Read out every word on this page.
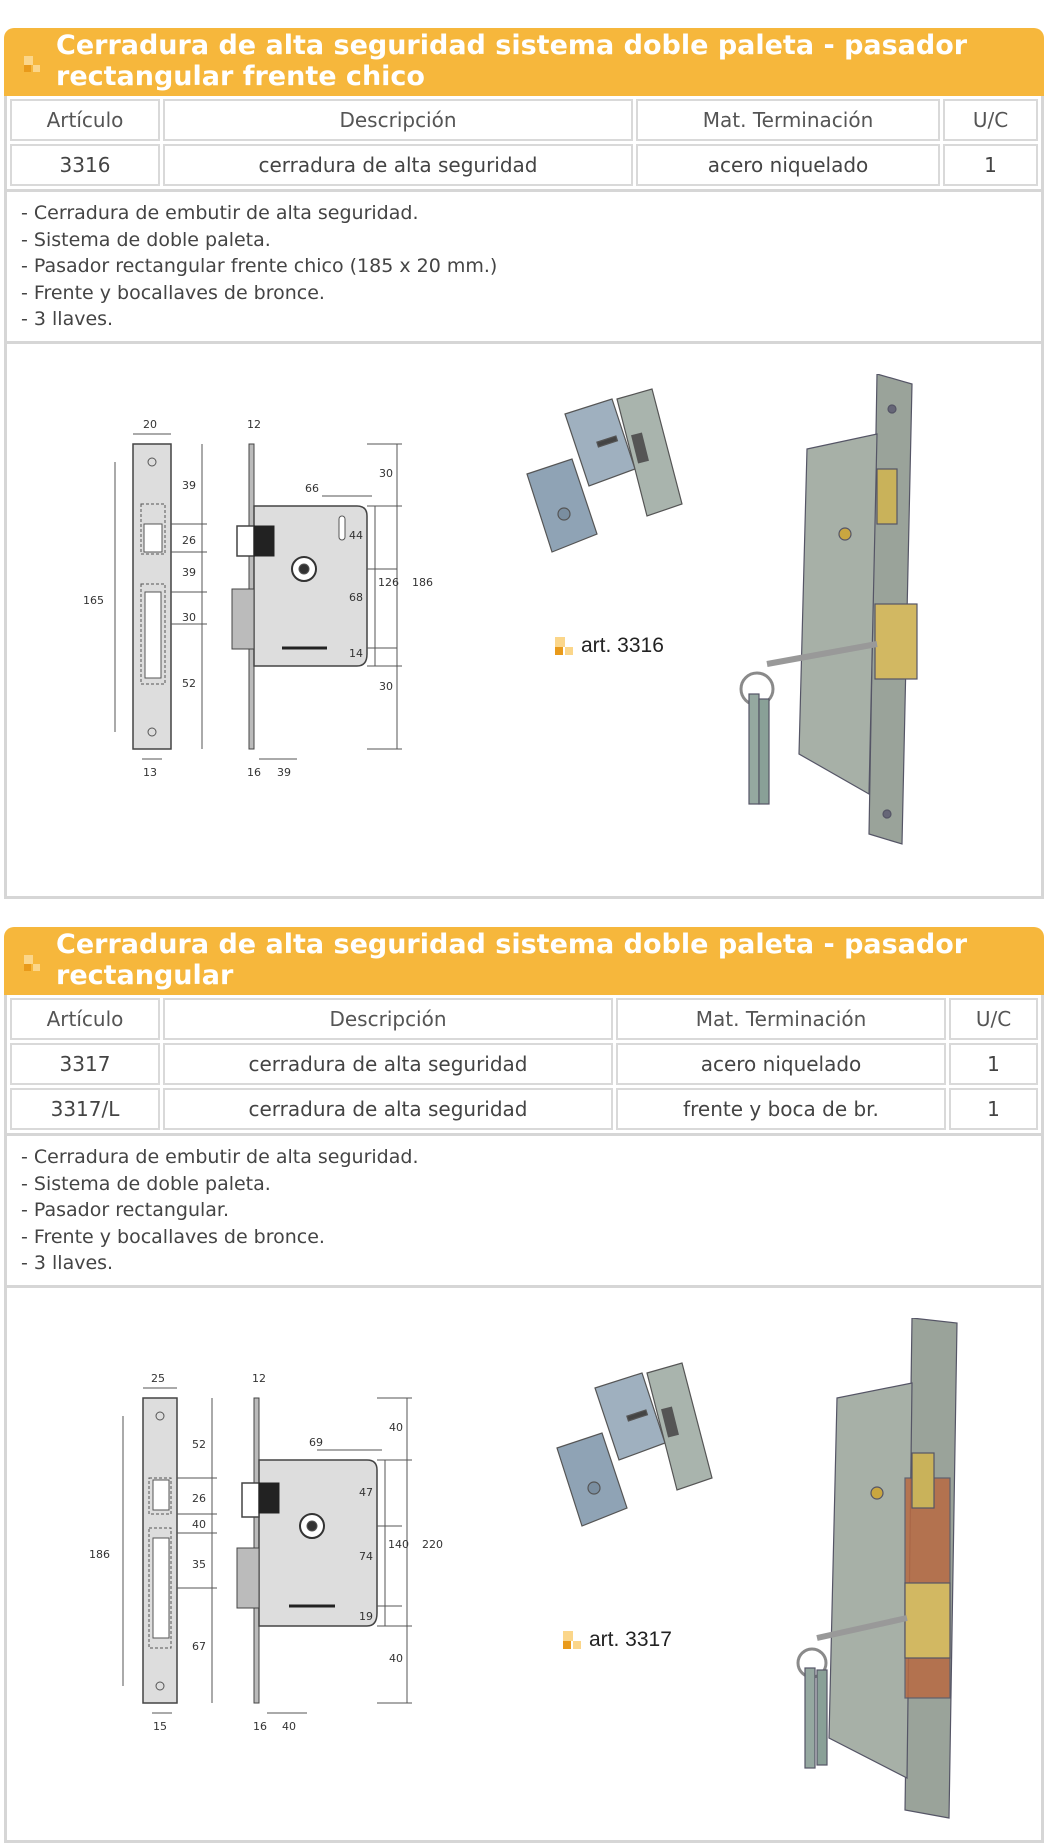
Cerradura de alta seguridad sistema doble paleta - pasador rectangular frente chico
Artículo	Descripción	Mat. Terminación	U/C
3316	cerradura de alta seguridad	acero niquelado	1
- Cerradura de embutir de alta seguridad.
- Sistema de doble paleta.
- Pasador rectangular frente chico (185 x 20 mm.)
- Frente y bocallaves de bronce.
- 3 llaves.
20	12
66
165
39
26
39
30
52
30
44
68
14
30
126 186
13	16 39
art. 3316
Cerradura de alta seguridad sistema doble paleta - pasador rectangular
Artículo	Descripción	Mat. Terminación	U/C
3317	cerradura de alta seguridad	acero niquelado	1
3317/L	cerradura de alta seguridad	frente y boca de br.	1
- Cerradura de embutir de alta seguridad.
- Sistema de doble paleta.
- Pasador rectangular.
- Frente y bocallaves de bronce.
- 3 llaves.
25	12
69
186
52
26
40
35
67
40
47
74
19
40
140 220
15	16 40
art. 3317
